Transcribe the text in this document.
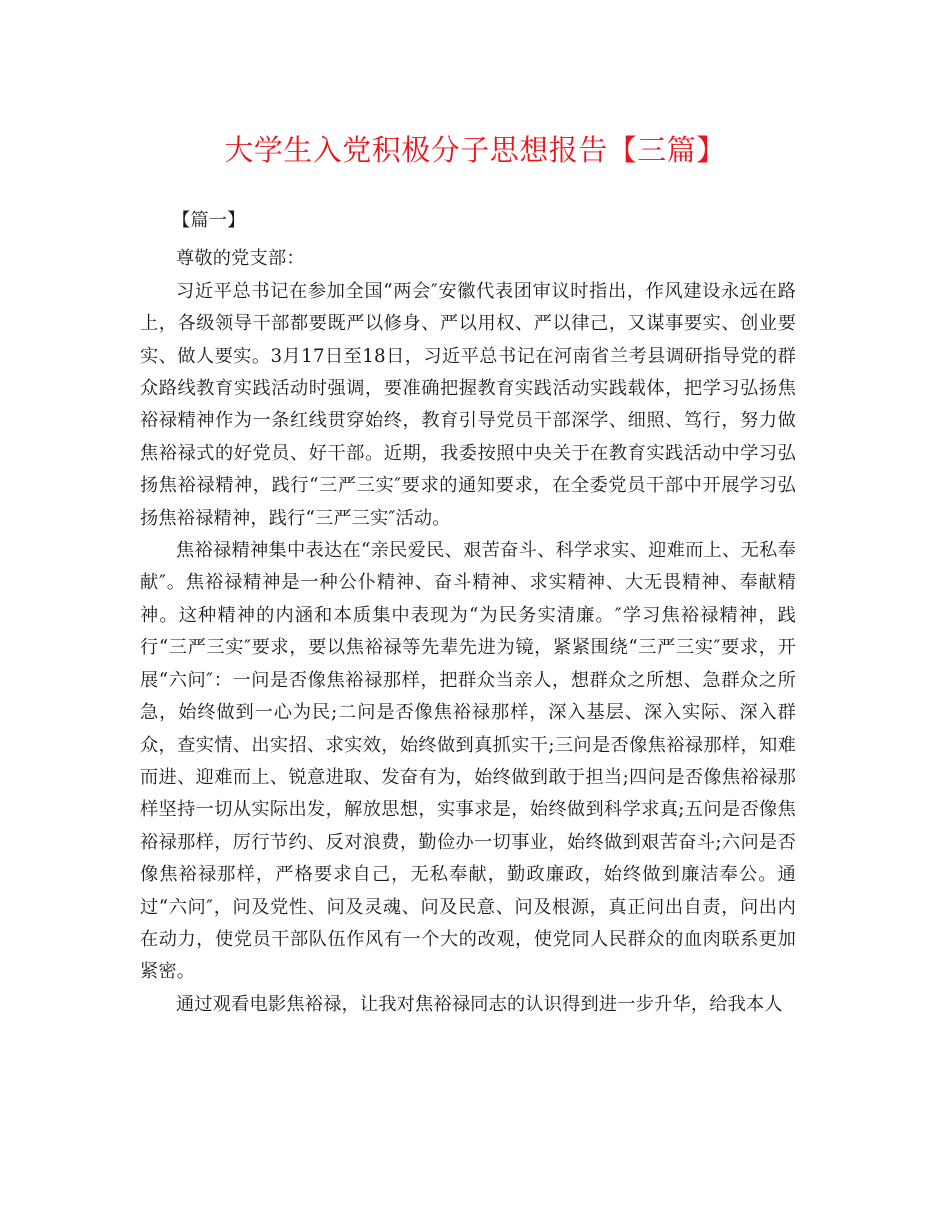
大学生入党积极分子思想报告【三篇】

【篇一】

尊敬的党支部：

习近平总书记在参加全国“两会″安徽代表团审议时指出，作风建设永远在路上，各级领导干部都要既严以修身、严以用权、严以律己，又谋事要实、创业要实、做人要实。3月17日至18日，习近平总书记在河南省兰考县调研指导党的群众路线教育实践活动时强调，要准确把握教育实践活动实践载体，把学习弘扬焦裕禄精神作为一条红线贯穿始终，教育引导党员干部深学、细照、笃行，努力做焦裕禄式的好党员、好干部。近期，我委按照中央关于在教育实践活动中学习弘扬焦裕禄精神，践行“三严三实″要求的通知要求，在全委党员干部中开展学习弘扬焦裕禄精神，践行“三严三实″活动。

焦裕禄精神集中表达在“亲民爱民、艰苦奋斗、科学求实、迎难而上、无私奉献″。焦裕禄精神是一种公仆精神、奋斗精神、求实精神、大无畏精神、奉献精神。这种精神的内涵和本质集中表现为“为民务实清廉。″学习焦裕禄精神，践行“三严三实″要求，要以焦裕禄等先辈先进为镜，紧紧围绕“三严三实″要求，开展“六问″：一问是否像焦裕禄那样，把群众当亲人，想群众之所想、急群众之所急，始终做到一心为民;二问是否像焦裕禄那样，深入基层、深入实际、深入群众，查实情、出实招、求实效，始终做到真抓实干;三问是否像焦裕禄那样，知难而进、迎难而上、锐意进取、发奋有为，始终做到敢于担当;四问是否像焦裕禄那样坚持一切从实际出发，解放思想，实事求是，始终做到科学求真;五问是否像焦裕禄那样，厉行节约、反对浪费，勤俭办一切事业，始终做到艰苦奋斗;六问是否像焦裕禄那样，严格要求自己，无私奉献，勤政廉政，始终做到廉洁奉公。通过“六问″，问及党性、问及灵魂、问及民意、问及根源，真正问出自责，问出内在动力，使党员干部队伍作风有一个大的改观，使党同人民群众的血肉联系更加紧密。

通过观看电影焦裕禄，让我对焦裕禄同志的认识得到进一步升华，给我本人
